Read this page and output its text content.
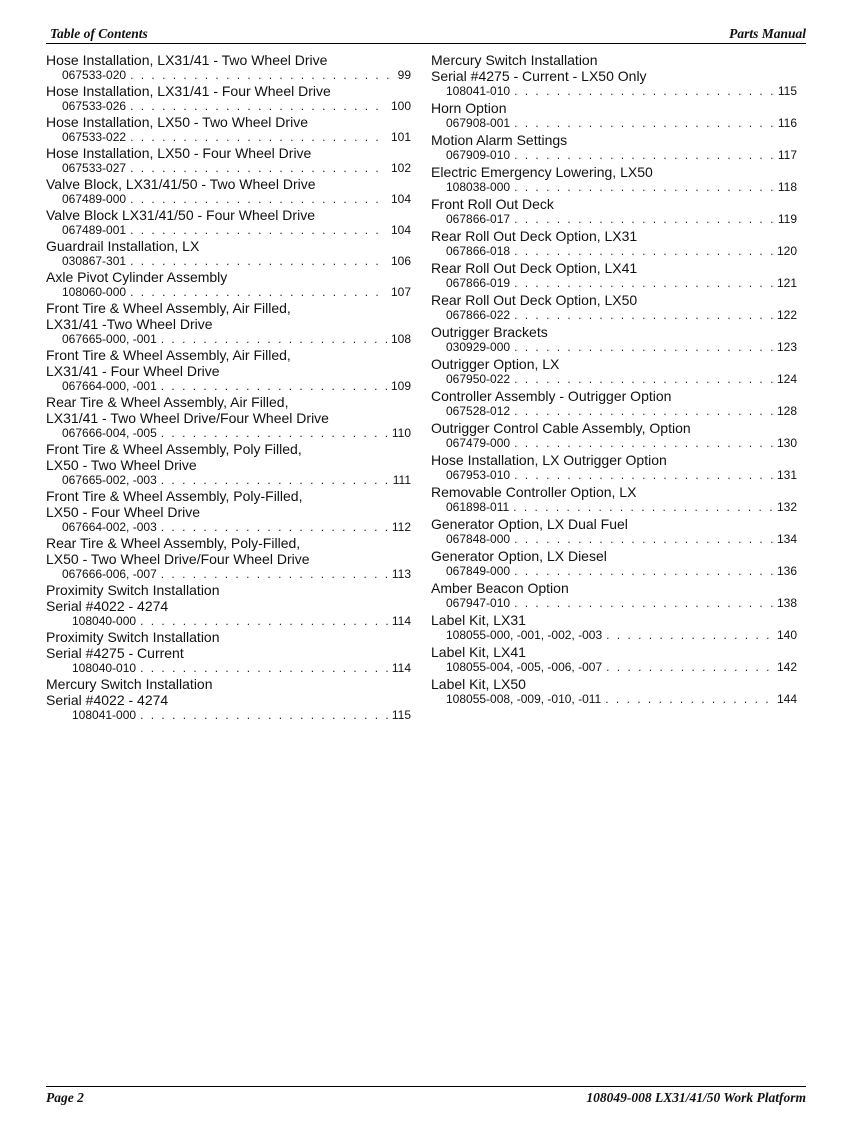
Table of Contents	Parts Manual
Hose Installation, LX31/41 - Two Wheel Drive
067533-020 . . .	99
Hose Installation, LX31/41 - Four Wheel Drive
067533-026 . . .	100
Hose Installation, LX50 - Two Wheel Drive
067533-022 . . .	101
Hose Installation, LX50 - Four Wheel Drive
067533-027 . . .	102
Valve Block, LX31/41/50 - Two Wheel Drive
067489-000 . . .	104
Valve Block LX31/41/50 - Four Wheel Drive
067489-001 . . .	104
Guardrail Installation, LX
030867-301 . . .	106
Axle Pivot Cylinder Assembly
108060-000 . . .	107
Front Tire & Wheel Assembly, Air Filled,
LX31/41 -Two Wheel Drive
067665-000, -001 . . .	108
Front Tire & Wheel Assembly, Air Filled,
LX31/41 - Four Wheel Drive
067664-000, -001 . . .	109
Rear Tire & Wheel Assembly, Air Filled,
LX31/41 - Two Wheel Drive/Four Wheel Drive
067666-004, -005 . . .	110
Front Tire & Wheel Assembly, Poly Filled,
LX50 - Two Wheel Drive
067665-002, -003 . . .	111
Front Tire & Wheel Assembly, Poly-Filled,
LX50 - Four Wheel Drive
067664-002, -003 . . .	112
Rear Tire & Wheel Assembly, Poly-Filled,
LX50 - Two Wheel Drive/Four Wheel Drive
067666-006, -007 . . .	113
Proximity Switch Installation
Serial #4022 - 4274
108040-000 . . .	114
Proximity Switch Installation
Serial #4275 - Current
108040-010 . . .	114
Mercury Switch Installation
Serial #4022 - 4274
108041-000 . . .	115
Mercury Switch Installation
Serial #4275 - Current - LX50 Only
108041-010 . . .	115
Horn Option
067908-001 . . .	116
Motion Alarm Settings
067909-010 . . .	117
Electric Emergency Lowering, LX50
108038-000 . . .	118
Front Roll Out Deck
067866-017 . . .	119
Rear Roll Out Deck Option, LX31
067866-018 . . .	120
Rear Roll Out Deck Option, LX41
067866-019 . . .	121
Rear Roll Out Deck Option, LX50
067866-022 . . .	122
Outrigger Brackets
030929-000 . . .	123
Outrigger Option, LX
067950-022 . . .	124
Controller Assembly - Outrigger Option
067528-012 . . .	128
Outrigger Control Cable Assembly, Option
067479-000 . . .	130
Hose Installation, LX Outrigger Option
067953-010 . . .	131
Removable Controller Option, LX
061898-011 . . .	132
Generator Option, LX Dual Fuel
067848-000 . . .	134
Generator Option, LX Diesel
067849-000 . . .	136
Amber Beacon Option
067947-010 . . .	138
Label Kit, LX31
108055-000, -001, -002, -003 . . .	140
Label Kit, LX41
108055-004, -005, -006, -007 . . .	142
Label Kit, LX50
108055-008, -009, -010, -011 . . .	144
Page 2	108049-008 LX31/41/50 Work Platform
